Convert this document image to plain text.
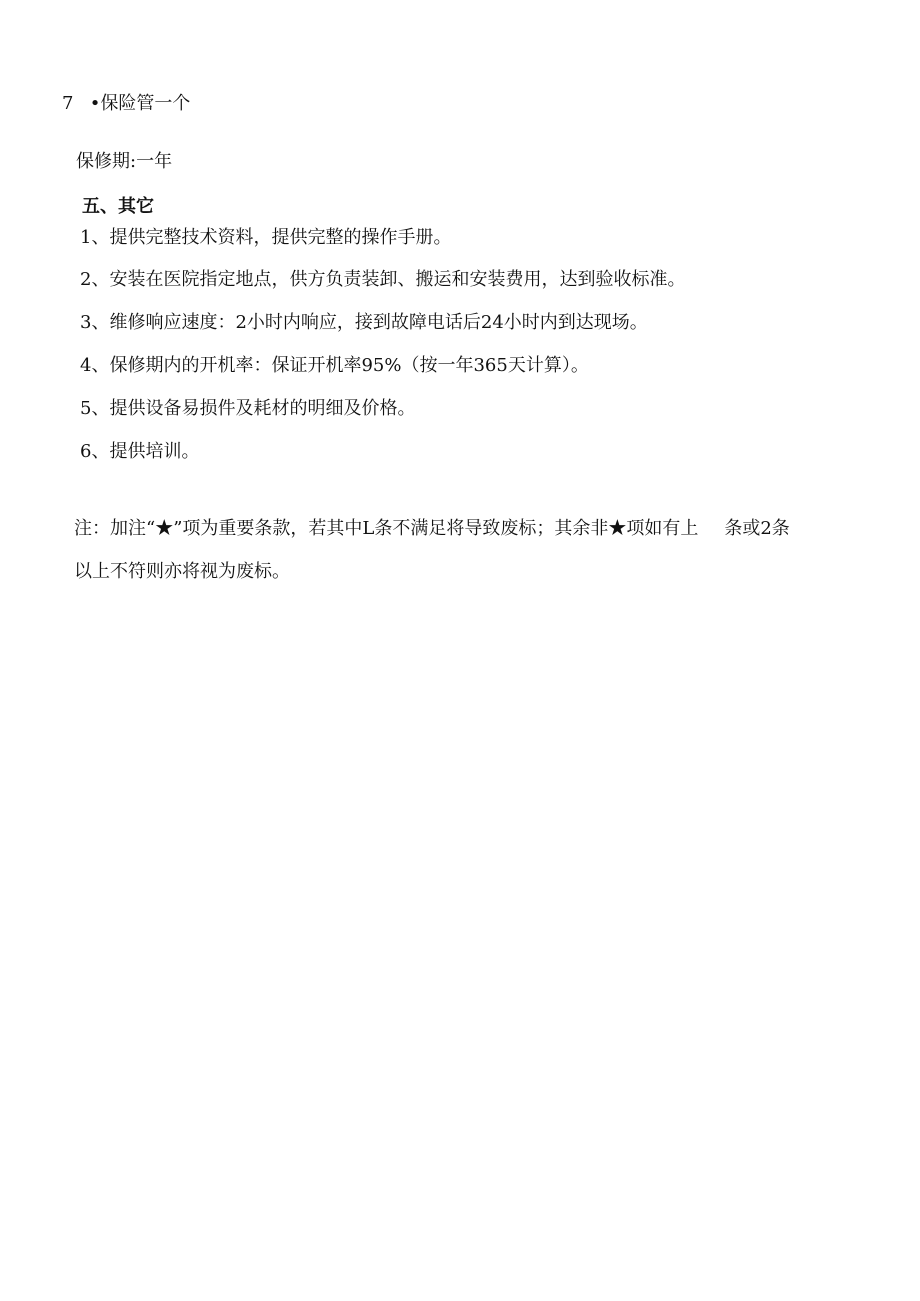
7 •保险管一个
保修期:一年
五、其它
1、提供完整技术资料，提供完整的操作手册。
2、安装在医院指定地点，供方负责装卸、搬运和安装费用，达到验收标准。
3、维修响应速度：2小时内响应，接到故障电话后24小时内到达现场。
4、保修期内的开机率：保证开机率95%（按一年365天计算）。
5、提供设备易损件及耗材的明细及价格。
6、提供培训。
注：加注“★”项为重要条款，若其中L条不满足将导致废标；其余非★项如有上 条或2条
以上不符则亦将视为废标。
